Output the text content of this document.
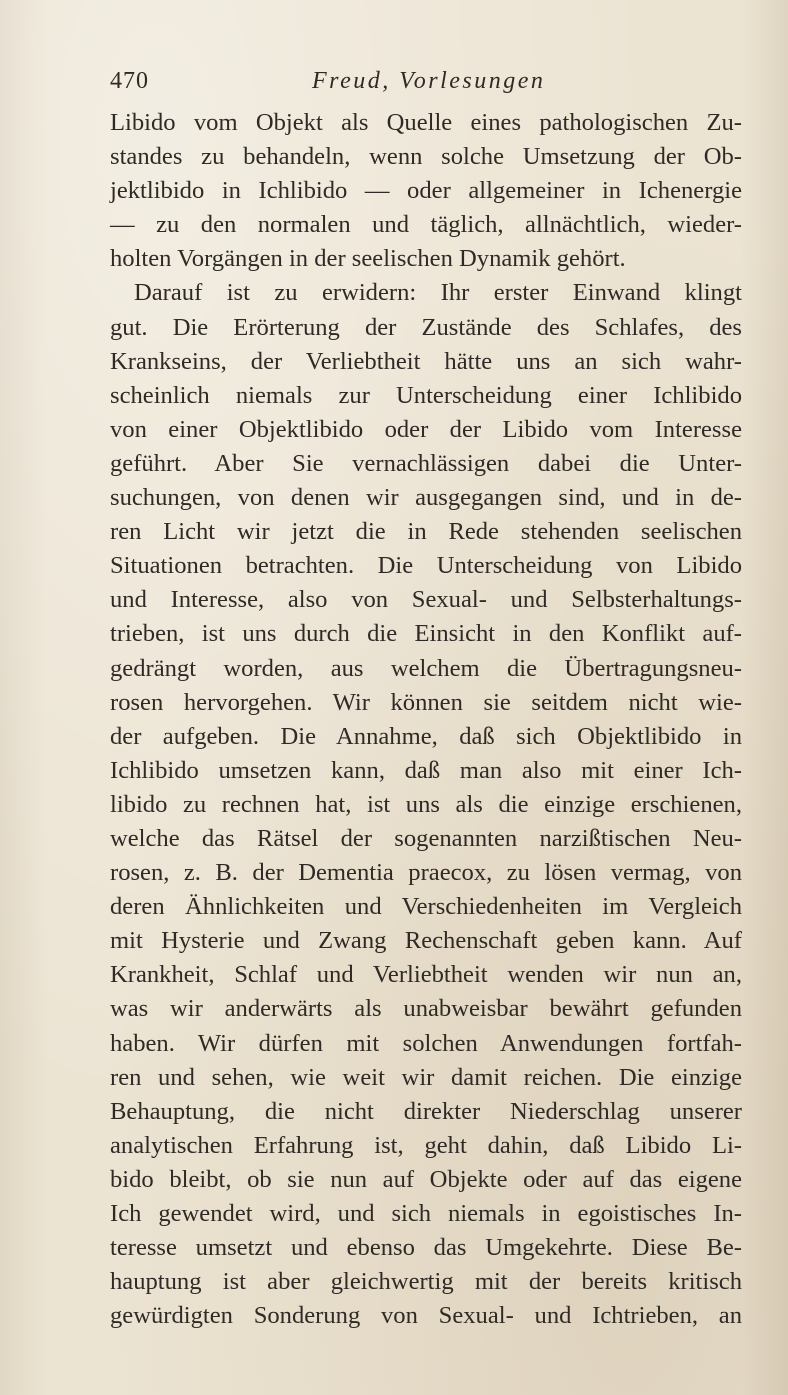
470	Freud, Vorlesungen
Libido vom Objekt als Quelle eines pathologischen Zu-
standes zu behandeln, wenn solche Umsetzung der Ob-
jektlibido in Ichlibido — oder allgemeiner in Ichenergie
— zu den normalen und täglich, allnächtlich, wieder-
holten Vorgängen in der seelischen Dynamik gehört.
Darauf ist zu erwidern: Ihr erster Einwand klingt
gut. Die Erörterung der Zustände des Schlafes, des
Krankseins, der Verliebtheit hätte uns an sich wahr-
scheinlich niemals zur Unterscheidung einer Ichlibido
von einer Objektlibido oder der Libido vom Interesse
geführt. Aber Sie vernachlässigen dabei die Unter-
suchungen, von denen wir ausgegangen sind, und in de-
ren Licht wir jetzt die in Rede stehenden seelischen
Situationen betrachten. Die Unterscheidung von Libido
und Interesse, also von Sexual- und Selbsterhaltungs-
trieben, ist uns durch die Einsicht in den Konflikt auf-
gedrängt worden, aus welchem die Übertragungsneu-
rosen hervorgehen. Wir können sie seitdem nicht wie-
der aufgeben. Die Annahme, daß sich Objektlibido in
Ichlibido umsetzen kann, daß man also mit einer Ich-
libido zu rechnen hat, ist uns als die einzige erschienen,
welche das Rätsel der sogenannten narzißtischen Neu-
rosen, z. B. der Dementia praecox, zu lösen vermag, von
deren Ähnlichkeiten und Verschiedenheiten im Vergleich
mit Hysterie und Zwang Rechenschaft geben kann. Auf
Krankheit, Schlaf und Verliebtheit wenden wir nun an,
was wir anderwärts als unabweisbar bewährt gefunden
haben. Wir dürfen mit solchen Anwendungen fortfah-
ren und sehen, wie weit wir damit reichen. Die einzige
Behauptung, die nicht direkter Niederschlag unserer
analytischen Erfahrung ist, geht dahin, daß Libido Li-
bido bleibt, ob sie nun auf Objekte oder auf das eigene
Ich gewendet wird, und sich niemals in egoistisches In-
teresse umsetzt und ebenso das Umgekehrte. Diese Be-
hauptung ist aber gleichwertig mit der bereits kritisch
gewürdigten Sonderung von Sexual- und Ichtrieben, an
